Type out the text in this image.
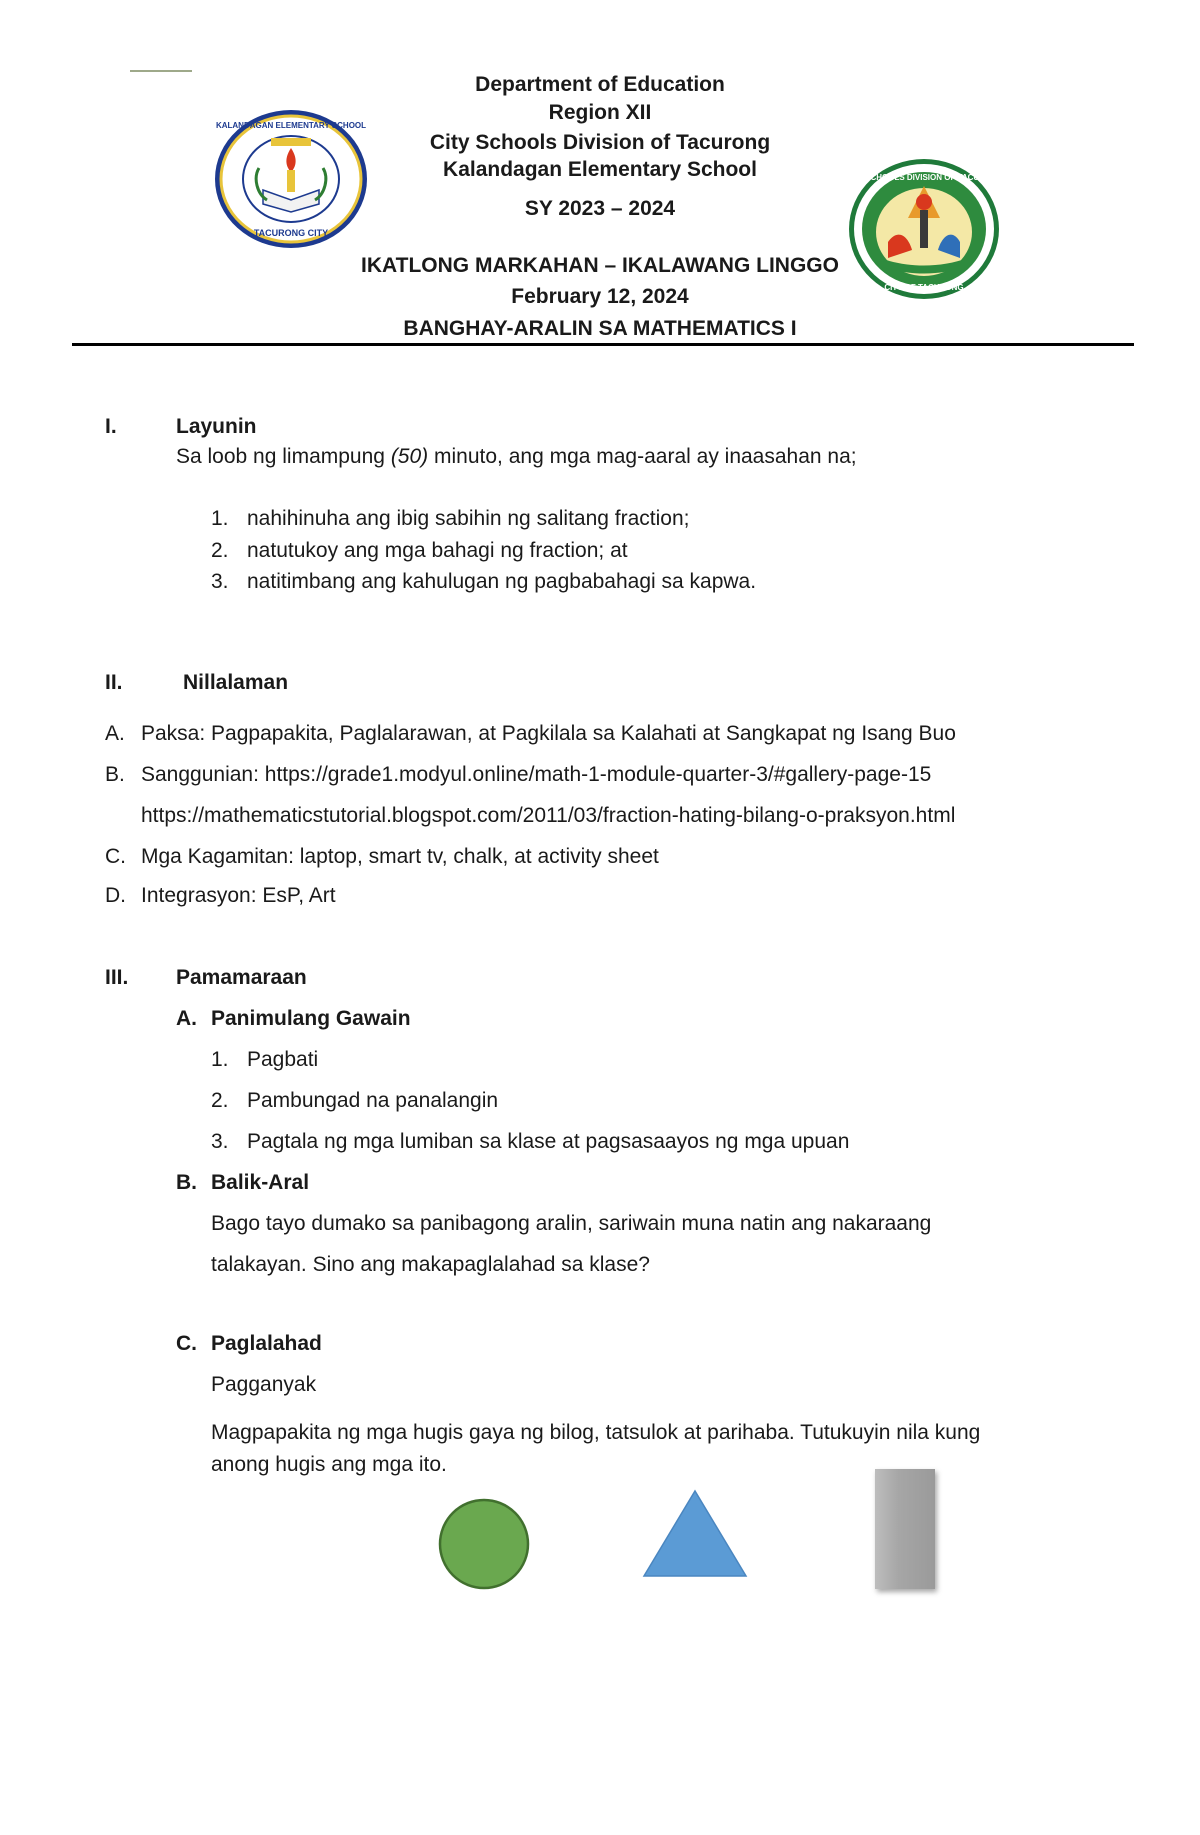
TACURONG CITY
KALANDAGAN ELEMENTARY SCHOOL
CITY SCHOOLS DIVISION OF TACURONG
CITY OF TACURONG
Department of Education
Region XII
City Schools Division of Tacurong
Kalandagan Elementary School
SY 2023 – 2024
IKATLONG MARKAHAN – IKALAWANG LINGGO
February 12, 2024
BANGHAY-ARALIN SA MATHEMATICS I
I.	Layunin
Sa loob ng limampung (50) minuto, ang mga mag-aaral ay inaasahan na;
1. nahihinuha ang ibig sabihin ng salitang fraction;
2. natutukoy ang mga bahagi ng fraction; at
3. natitimbang ang kahulugan ng pagbabahagi sa kapwa.
II.	Nillalaman
A. Paksa: Pagpapakita, Paglalarawan, at Pagkilala sa Kalahati at Sangkapat ng Isang Buo
B. Sanggunian: https://grade1.modyul.online/math-1-module-quarter-3/#gallery-page-15
https://mathematicstutorial.blogspot.com/2011/03/fraction-hating-bilang-o-praksyon.html
C. Mga Kagamitan: laptop, smart tv, chalk, at activity sheet
D. Integrasyon: EsP, Art
III. Pamamaraan
A. Panimulang Gawain
1. Pagbati
2. Pambungad na panalangin
3. Pagtala ng mga lumiban sa klase at pagsasaayos ng mga upuan
B. Balik-Aral
Bago tayo dumako sa panibagong aralin, sariwain muna natin ang nakaraang
talakayan. Sino ang makapaglalahad sa klase?
C. Paglalahad
Pagganyak
Magpapakita ng mga hugis gaya ng bilog, tatsulok at parihaba. Tutukuyin nila kung
anong hugis ang mga ito.
